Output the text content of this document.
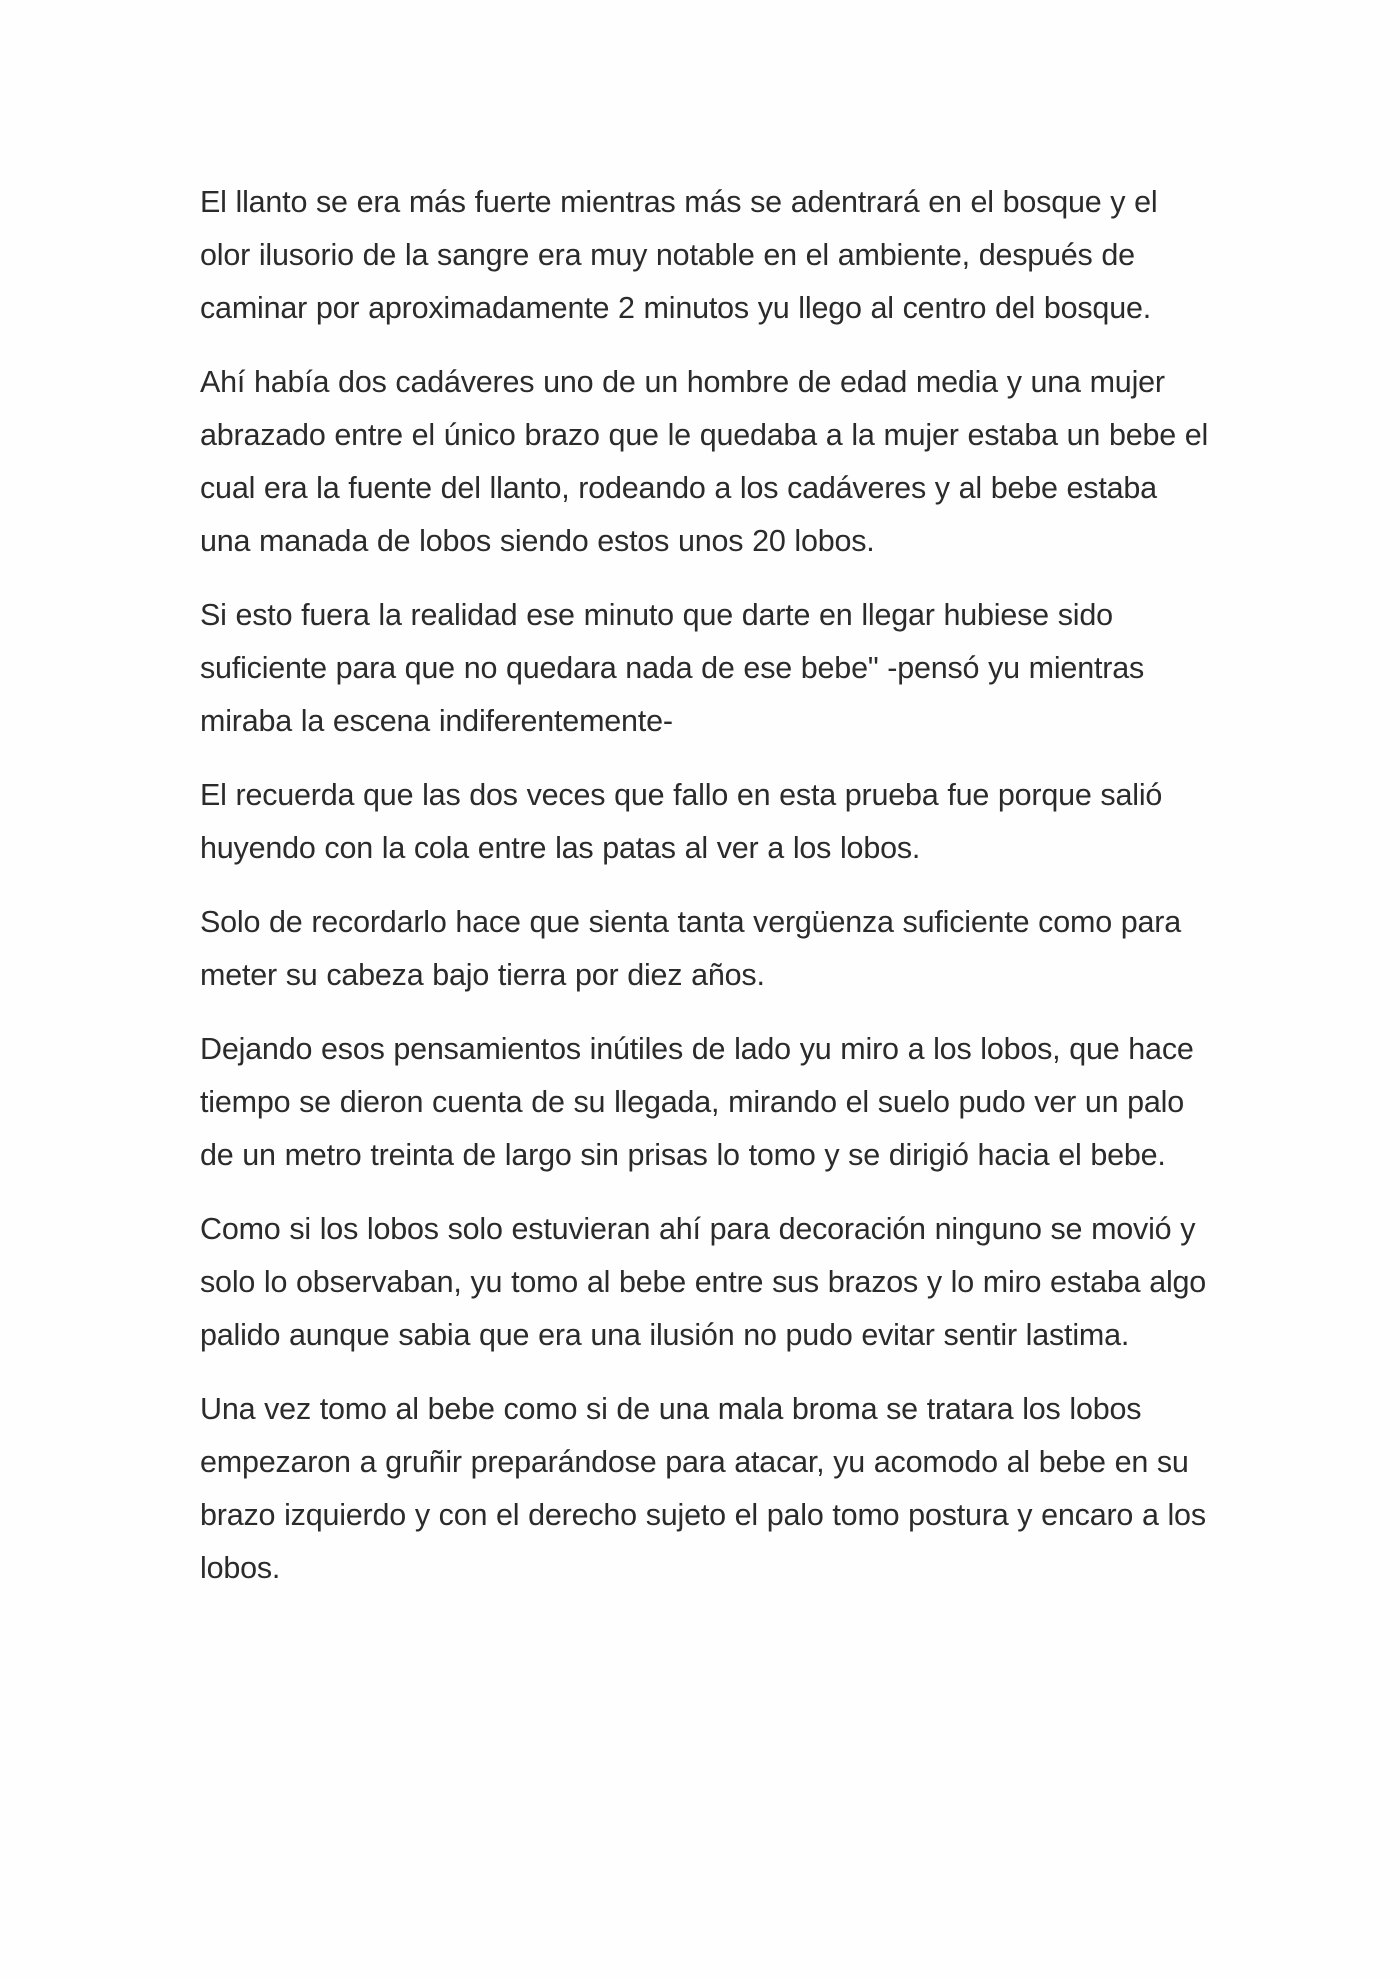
El llanto se era más fuerte mientras más se adentrará en el bosque y el olor ilusorio de la sangre era muy notable en el ambiente, después de caminar por aproximadamente 2 minutos yu llego al centro del bosque.

Ahí había dos cadáveres uno de un hombre de edad media y una mujer abrazado entre el único brazo que le quedaba a la mujer estaba un bebe el cual era la fuente del llanto, rodeando a los cadáveres y al bebe estaba una manada de lobos siendo estos unos 20 lobos.

Si esto fuera la realidad ese minuto que darte en llegar hubiese sido suficiente para que no quedara nada de ese bebe" -pensó yu mientras miraba la escena indiferentemente-

El recuerda que las dos veces que fallo en esta prueba fue porque salió huyendo con la cola entre las patas al ver a los lobos.

Solo de recordarlo hace que sienta tanta vergüenza suficiente como para meter su cabeza bajo tierra por diez años.

Dejando esos pensamientos inútiles de lado yu miro a los lobos, que hace tiempo se dieron cuenta de su llegada, mirando el suelo pudo ver un palo de un metro treinta de largo sin prisas lo tomo y se dirigió hacia el bebe.

Como si los lobos solo estuvieran ahí para decoración ninguno se movió y solo lo observaban, yu tomo al bebe entre sus brazos y lo miro estaba algo palido aunque sabia que era una ilusión no pudo evitar sentir lastima.

Una vez tomo al bebe como si de una mala broma se tratara los lobos empezaron a gruñir preparándose para atacar, yu acomodo al bebe en su brazo izquierdo y con el derecho sujeto el palo tomo postura y encaro a los lobos.
